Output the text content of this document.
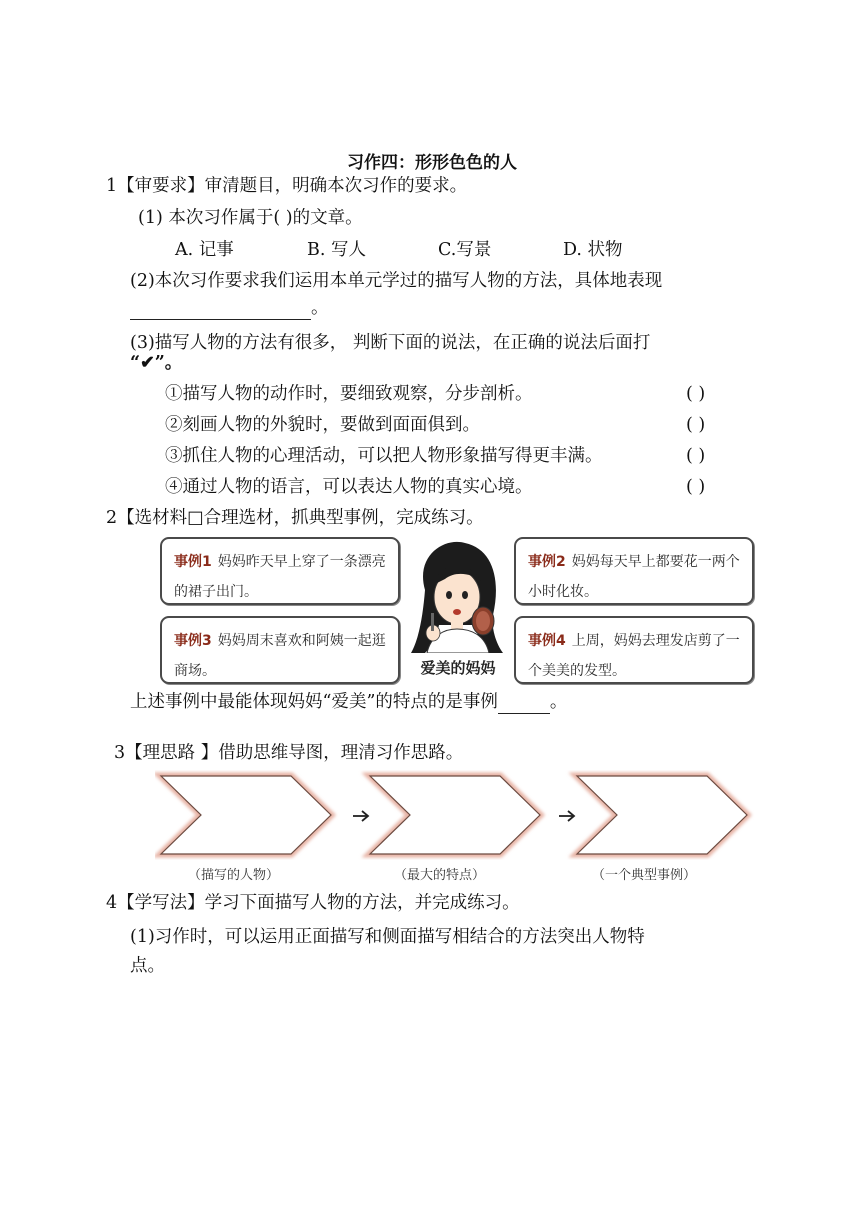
习作四：形形色色的人
1【审要求】审清题目，明确本次习作的要求。
(1) 本次习作属于( )的文章。
A. 记事	B. 写人	C.写景	D. 状物
(2)本次习作要求我们运用本单元学过的描写人物的方法，具体地表现
。
(3)描写人物的方法有很多， 判断下面的说法，在正确的说法后面打
“✔”。
①描写人物的动作时，要细致观察，分步剖析。	( )
②刻画人物的外貌时，要做到面面俱到。	( )
③抓住人物的心理活动，可以把人物形象描写得更丰满。	( )
④通过人物的语言，可以表达人物的真实心境。	( )
2【选材料□合理选材，抓典型事例，完成练习。
事例1 妈妈昨天早上穿了一条漂亮的裙子出门。
事例2 妈妈每天早上都要花一两个小时化妆。
事例3 妈妈周末喜欢和阿姨一起逛商场。
事例4 上周，妈妈去理发店剪了一个美美的发型。
爱美的妈妈
上述事例中最能体现妈妈“爱美”的特点的是事例	。
3【理思路 】借助思维导图，理清习作思路。
（描写的人物）	（最大的特点）	（一个典型事例）
4【学写法】学习下面描写人物的方法，并完成练习。
(1)习作时，可以运用正面描写和侧面描写相结合的方法突出人物特
点。
